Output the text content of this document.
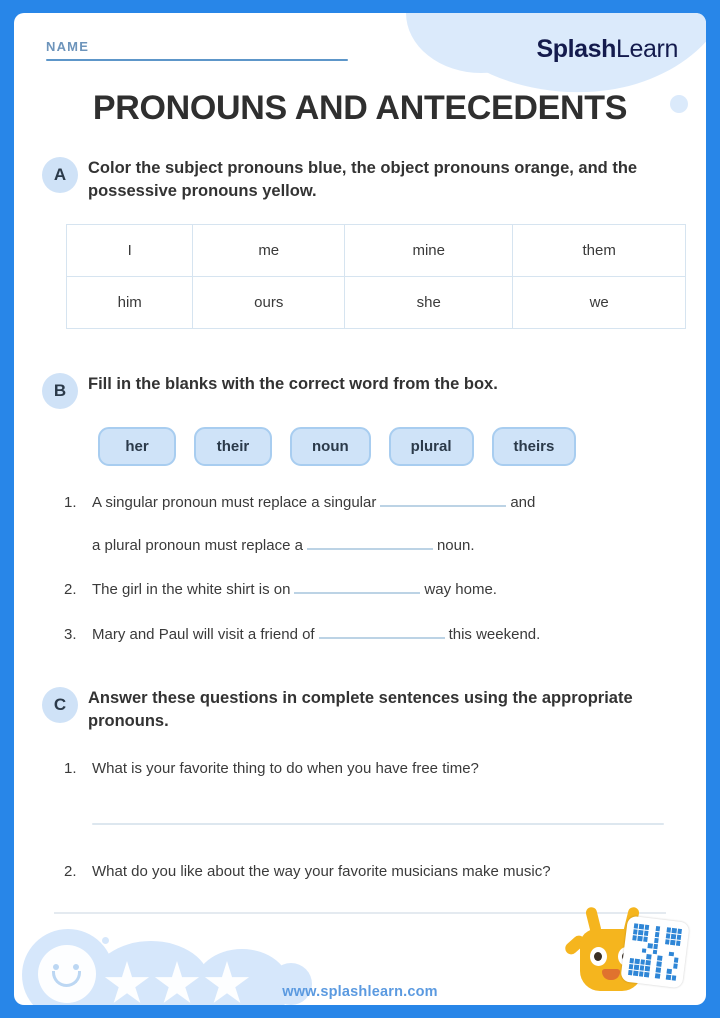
NAME	SplashLearn
PRONOUNS AND ANTECEDENTS
A	Color the subject pronouns blue, the object pronouns orange, and the possessive pronouns yellow.
I	me	mine	them
him	ours	she	we
B	Fill in the blanks with the correct word from the box.
her	their	noun	plural	theirs
1.	A singular pronoun must replace a singular	and
a plural pronoun must replace a	noun.
2.	The girl in the white shirt is on	way home.
3.	Mary and Paul will visit a friend of	this weekend.
C	Answer these questions in complete sentences using the appropriate pronouns.
1.	What is your favorite thing to do when you have free time?
2.	What do you like about the way your favorite musicians make music?
www.splashlearn.com
